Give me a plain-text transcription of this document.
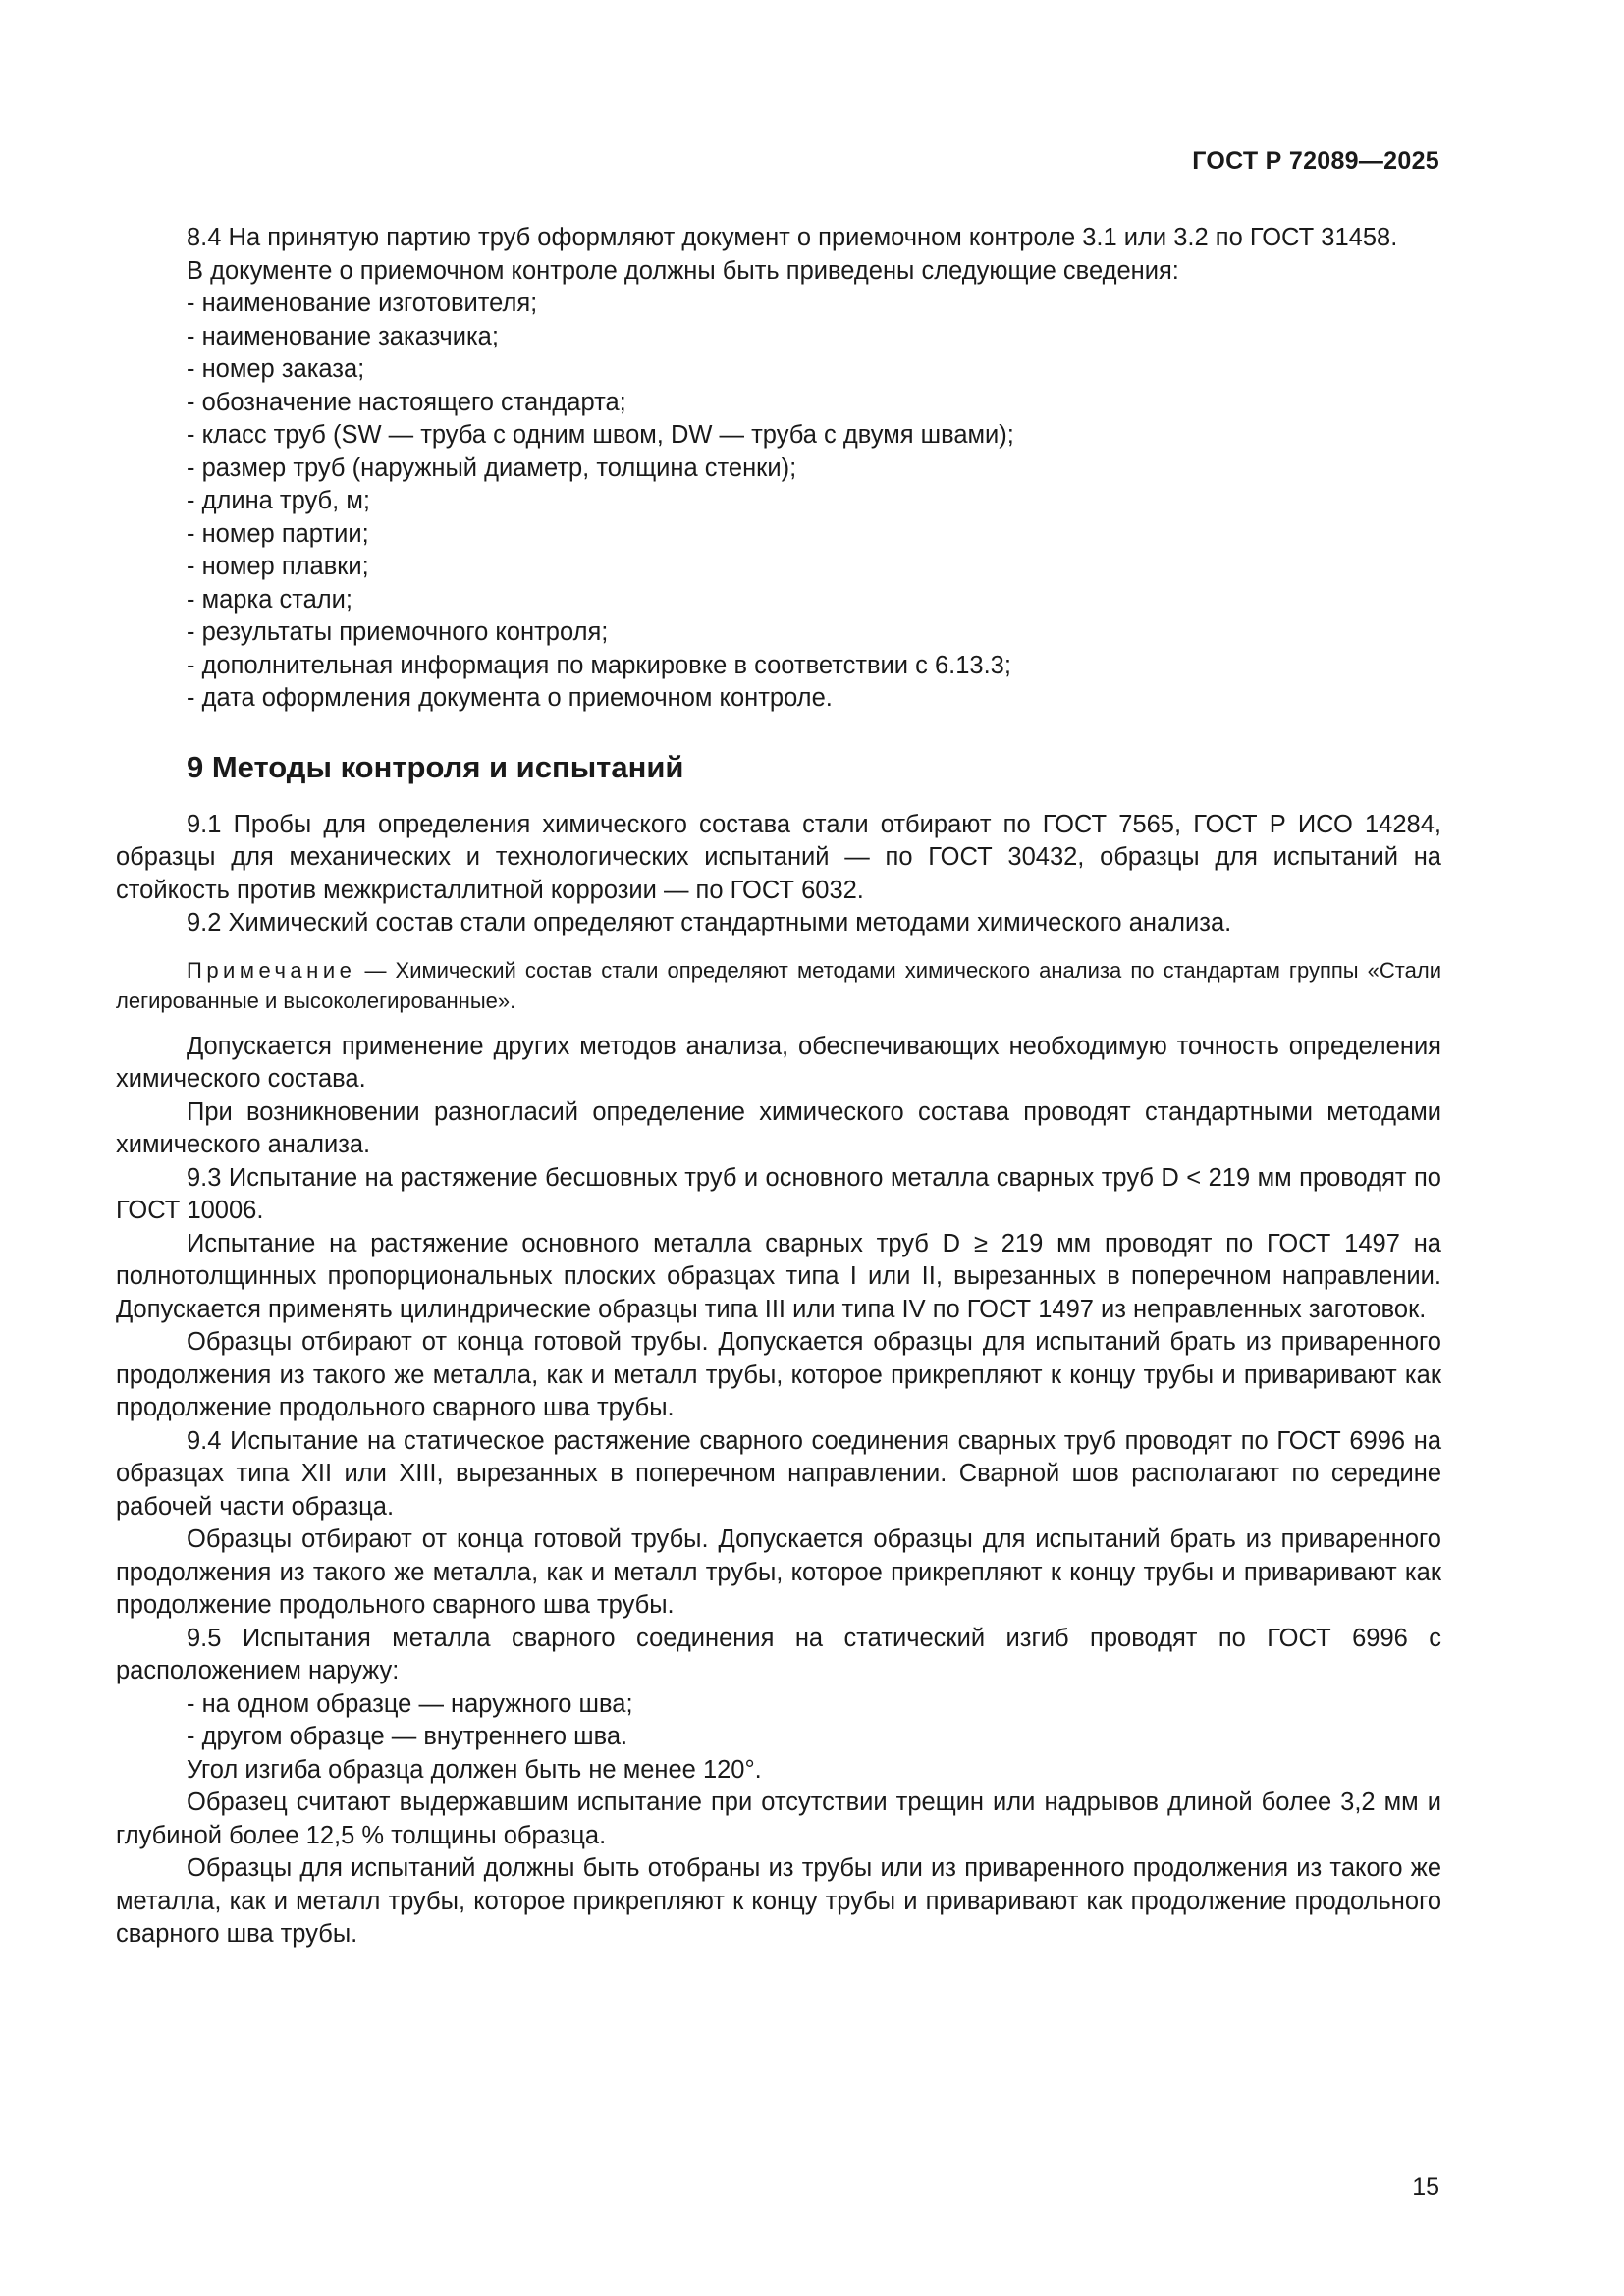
ГОСТ Р 72089—2025

8.4 На принятую партию труб оформляют документ о приемочном контроле 3.1 или 3.2 по ГОСТ 31458.

В документе о приемочном контроле должны быть приведены следующие сведения:

- наименование изготовителя;
- наименование заказчика;
- номер заказа;
- обозначение настоящего стандарта;
- класс труб (SW — труба с одним швом, DW — труба с двумя швами);
- размер труб (наружный диаметр, толщина стенки);
- длина труб, м;
- номер партии;
- номер плавки;
- марка стали;
- результаты приемочного контроля;
- дополнительная информация по маркировке в соответствии с 6.13.3;
- дата оформления документа о приемочном контроле.
9 Методы контроля и испытаний

9.1 Пробы для определения химического состава стали отбирают по ГОСТ 7565, ГОСТ Р ИСО 14284, образцы для механических и технологических испытаний — по ГОСТ 30432, образцы для испытаний на стойкость против межкристаллитной коррозии — по ГОСТ 6032.

9.2 Химический состав стали определяют стандартными методами химического анализа.

Примечание — Химический состав стали определяют методами химического анализа по стандартам группы «Стали легированные и высоколегированные».

Допускается применение других методов анализа, обеспечивающих необходимую точность определения химического состава.

При возникновении разногласий определение химического состава проводят стандартными методами химического анализа.

9.3 Испытание на растяжение бесшовных труб и основного металла сварных труб D < 219 мм проводят по ГОСТ 10006.

Испытание на растяжение основного металла сварных труб D ≥ 219 мм проводят по ГОСТ 1497 на полнотолщинных пропорциональных плоских образцах типа I или II, вырезанных в поперечном направлении. Допускается применять цилиндрические образцы типа III или типа IV по ГОСТ 1497 из неправленных заготовок.

Образцы отбирают от конца готовой трубы. Допускается образцы для испытаний брать из приваренного продолжения из такого же металла, как и металл трубы, которое прикрепляют к концу трубы и приваривают как продолжение продольного сварного шва трубы.

9.4 Испытание на статическое растяжение сварного соединения сварных труб проводят по ГОСТ 6996 на образцах типа XII или XIII, вырезанных в поперечном направлении. Сварной шов располагают по середине рабочей части образца.

Образцы отбирают от конца готовой трубы. Допускается образцы для испытаний брать из приваренного продолжения из такого же металла, как и металл трубы, которое прикрепляют к концу трубы и приваривают как продолжение продольного сварного шва трубы.

9.5 Испытания металла сварного соединения на статический изгиб проводят по ГОСТ 6996 с расположением наружу:

- на одном образце — наружного шва;
- другом образце — внутреннего шва.

Угол изгиба образца должен быть не менее 120°.

Образец считают выдержавшим испытание при отсутствии трещин или надрывов длиной более 3,2 мм и глубиной более 12,5 % толщины образца.

Образцы для испытаний должны быть отобраны из трубы или из приваренного продолжения из такого же металла, как и металл трубы, которое прикрепляют к концу трубы и приваривают как продолжение продольного сварного шва трубы.

15
